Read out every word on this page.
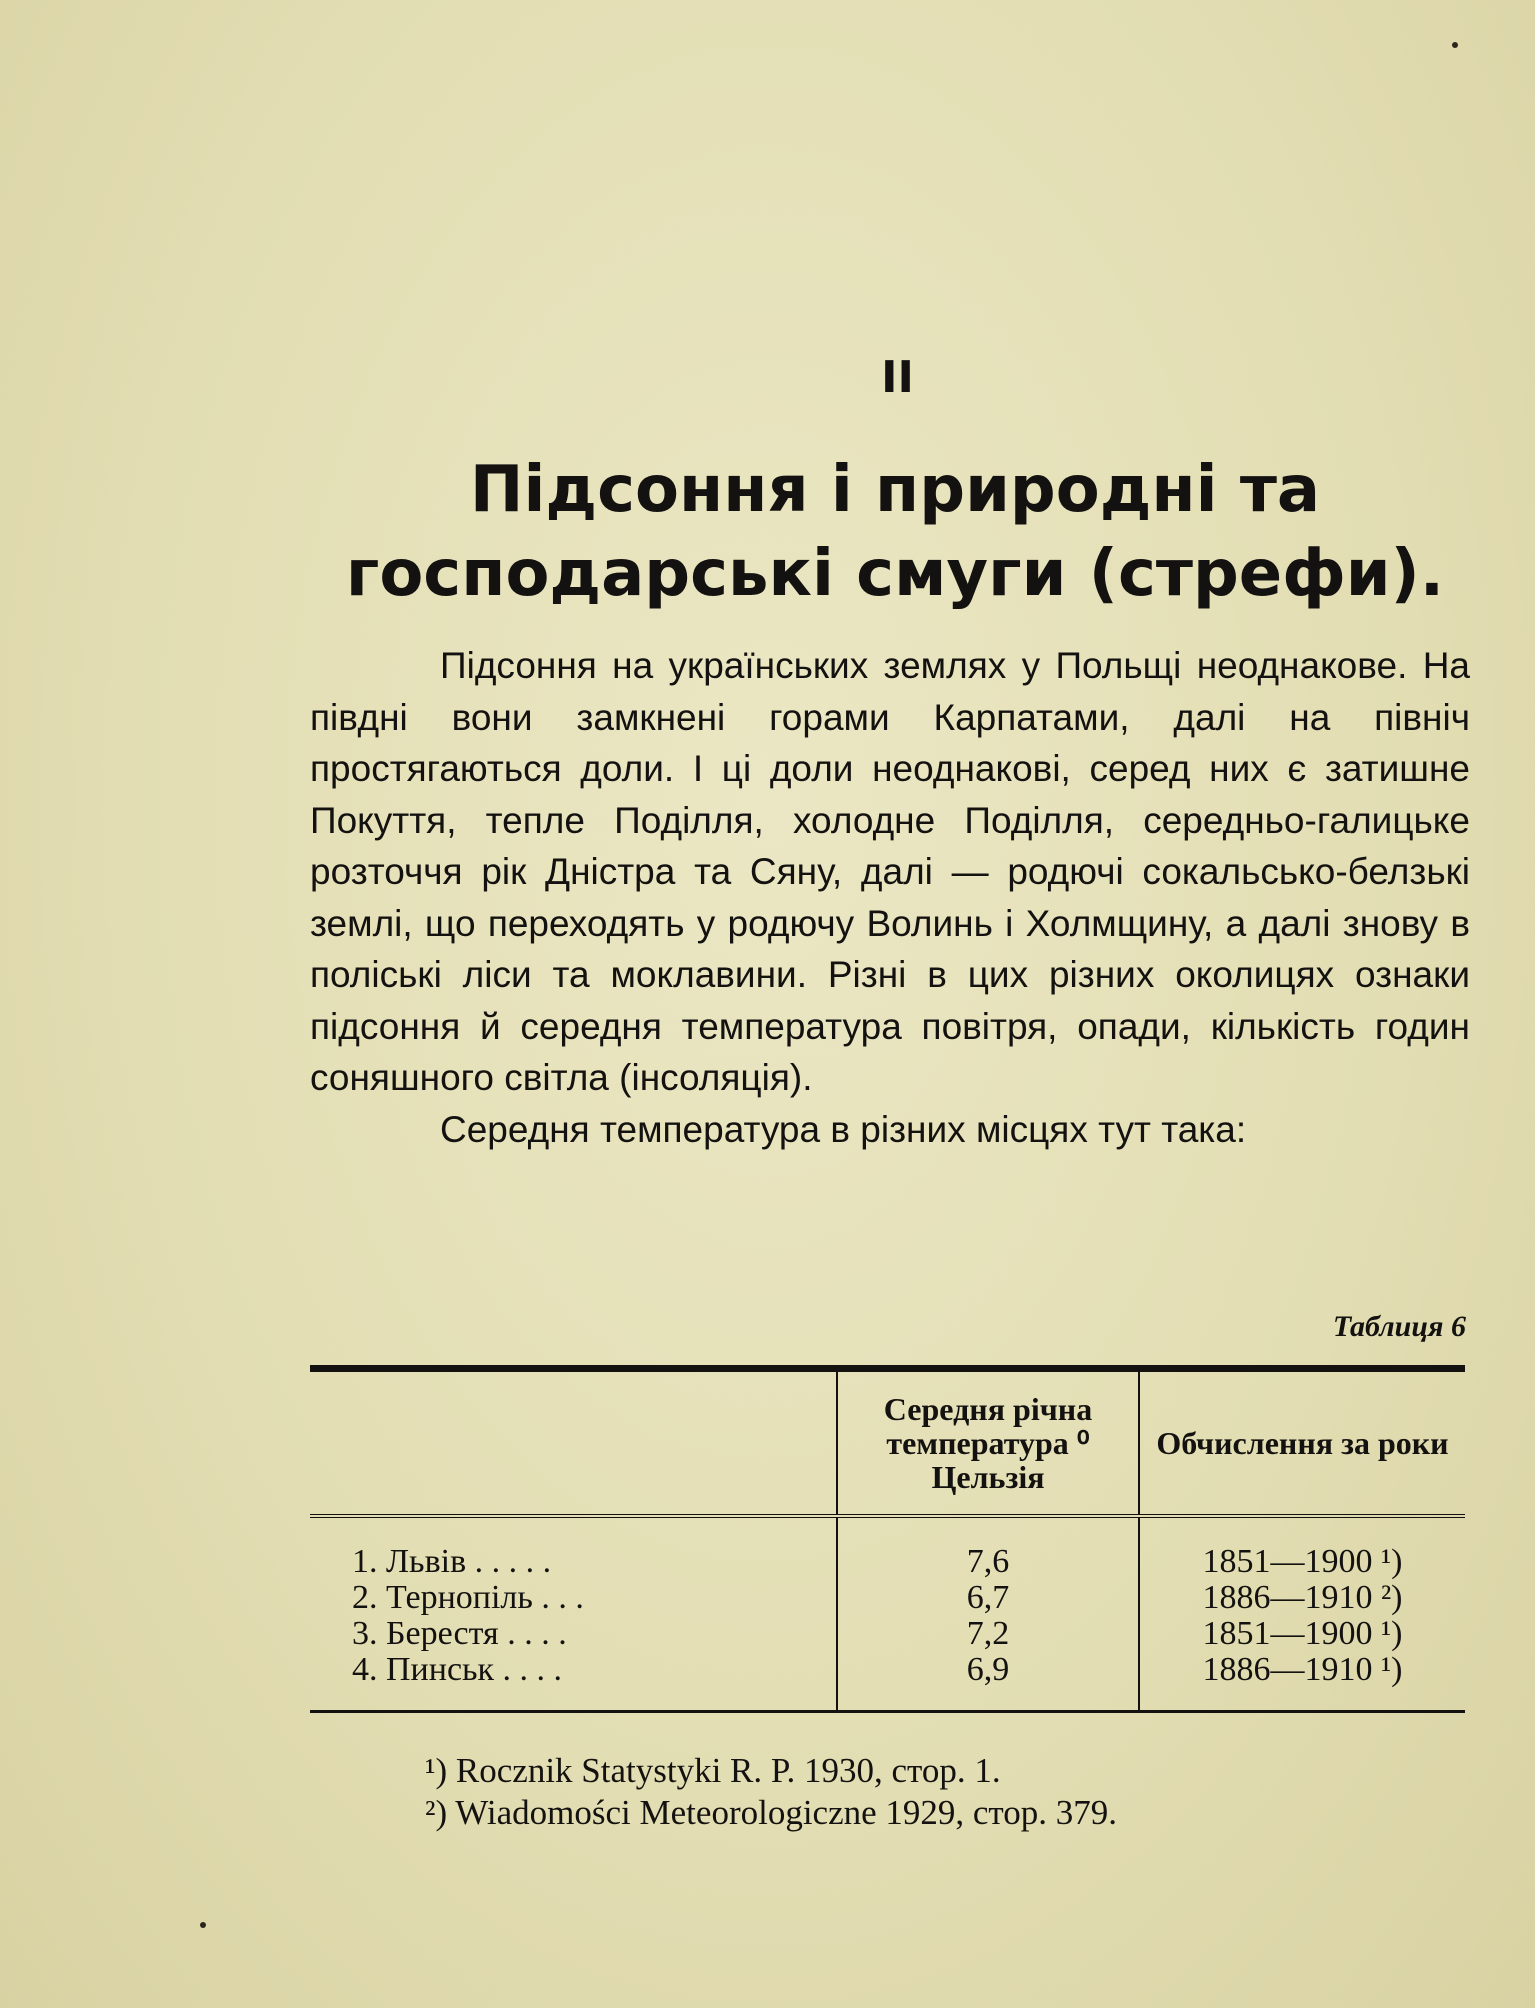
II
Підсоння і природні та господарські смуги (стрефи).

Підсоння на українських землях у Польщі неоднакове. На півдні вони замкнені горами Карпатами, далі на північ простягаються доли. І ці доли неоднакові, серед них є затишне Покуття, тепле Поділля, холодне Поділля, середньо-галицьке розточчя рік Дністра та Сяну, далі — родючі сокальсько-белзькі землі, що переходять у родючу Волинь і Холмщину, а далі знову в поліські ліси та моклавини. Різні в цих різних околицях ознаки підсоння й середня температура повітря, опади, кількість годин соняшного світла (інсоляція).

Середня температура в різних місцях тут така:

Таблиця 6
	Середня річна температура ⁰ Цельзія	Обчислення за роки
1. Львів . . . . .	7,6	1851—1900 ¹)
2. Тернопіль . . .	6,7	1886—1910 ²)
3. Берестя . . . .	7,2	1851—1900 ¹)
4. Пинськ . . . .	6,9	1886—1910 ¹)
¹) Rocznik Statystyki R. P. 1930, стор. 1.
²) Wiadomości Meteorologiczne 1929, стор. 379.
